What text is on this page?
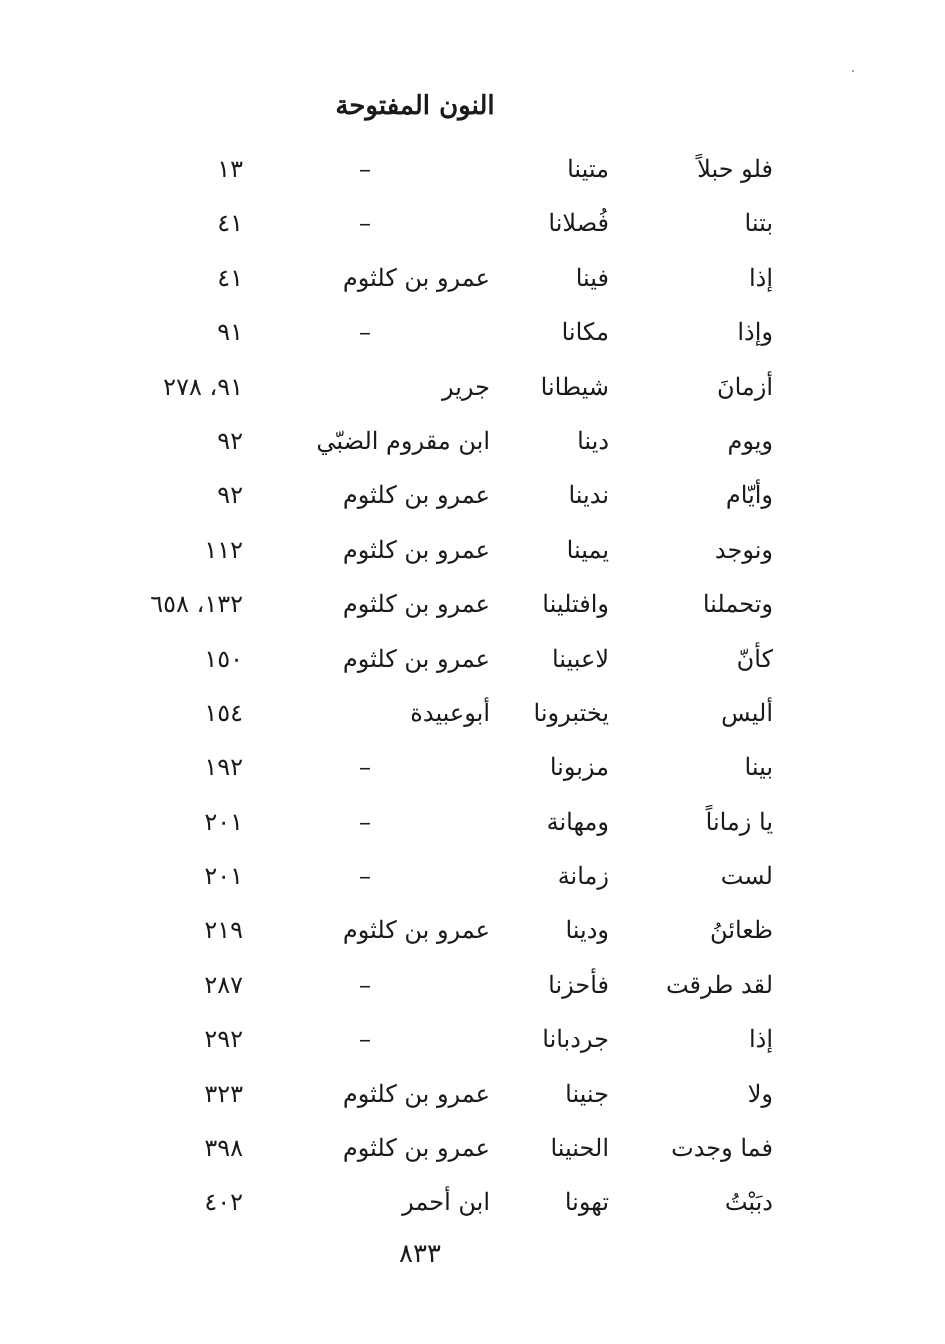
النون المفتوحة
فلو حبلاً
متينا
–
١٣
بتنا
فُصلانا
–
٤١
إذا
فينا
عمرو بن كلثوم
٤١
وإذا
مكانا
–
٩١
أزمانَ
شيطانا
جرير
٩١، ٢٧٨
ويوم
دينا
ابن مقروم الضبّي
٩٢
وأيّام
ندينا
عمرو بن كلثوم
٩٢
ونوجد
يمينا
عمرو بن كلثوم
١١٢
وتحملنا
وافتلينا
عمرو بن كلثوم
١٣٢، ٦٥٨
كأنّ
لاعبينا
عمرو بن كلثوم
١٥٠
أليس
يختبرونا
أبوعبيدة
١٥٤
بينا
مزبونا
–
١٩٢
يا زماناً
ومهانة
–
٢٠١
لست
زمانة
–
٢٠١
ظعائنُ
ودينا
عمرو بن كلثوم
٢١٩
لقد طرقت
فأحزنا
–
٢٨٧
إذا
جردبانا
–
٢٩٢
ولا
جنينا
عمرو بن كلثوم
٣٢٣
فما وجدت
الحنينا
عمرو بن كلثوم
٣٩٨
دبَبْتُ
تهونا
ابن أحمر
٤٠٢
٨٣٣
